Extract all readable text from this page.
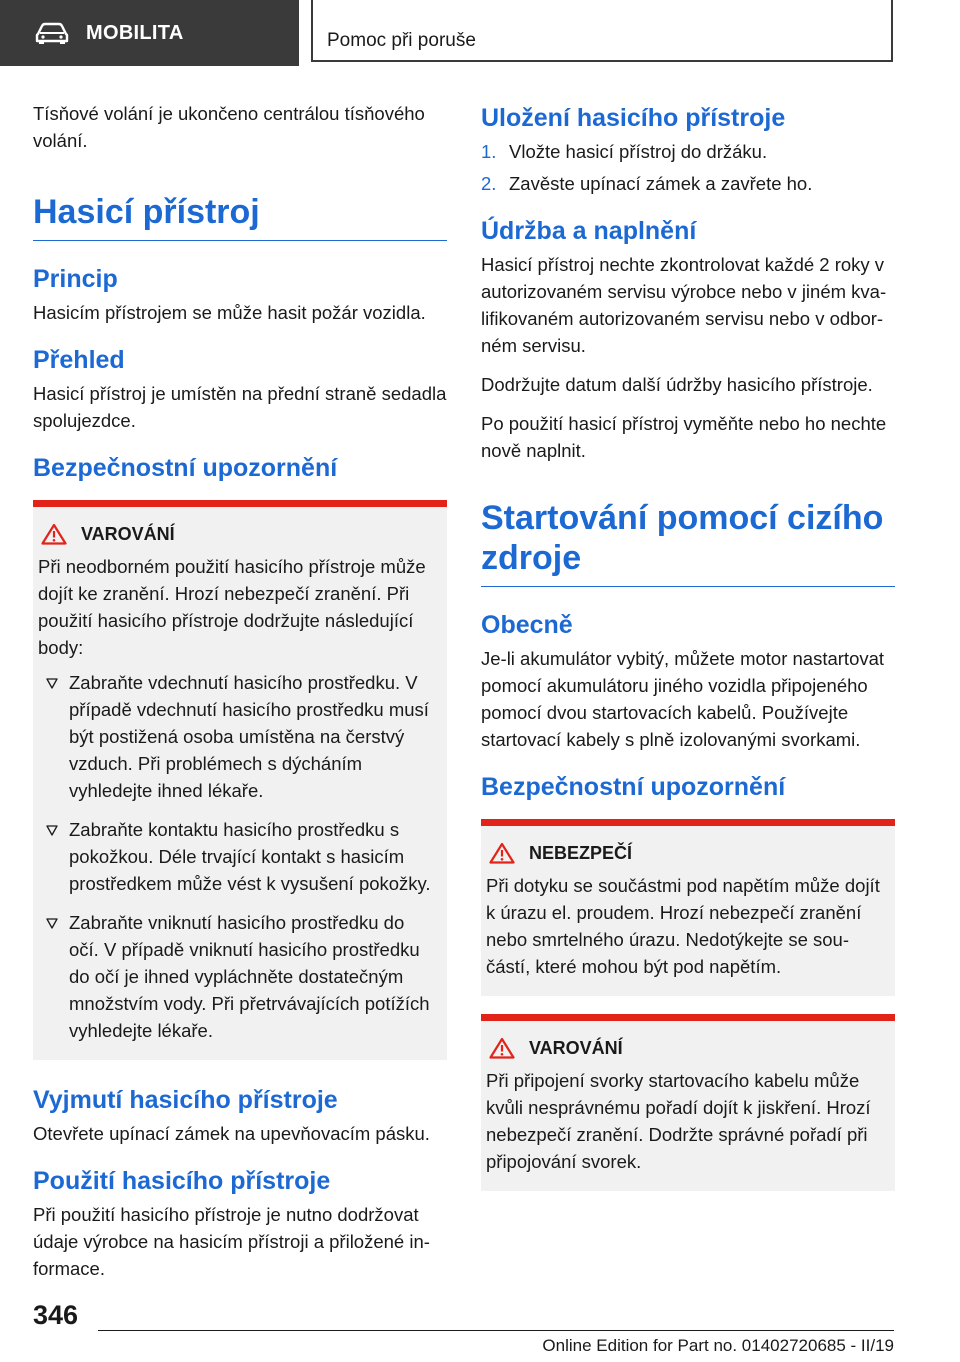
MOBILITA	Pomoc při poruše

Tísňové volání je ukončeno centrálou tísňového volání.

Hasicí přístroj
Princip

Hasicím přístrojem se může hasit požár vozidla.

Přehled

Hasicí přístroj je umístěn na přední straně sedadla spolujezdce.

Bezpečnostní upozornění
VAROVÁNÍ

Při neodborném použití hasicího přístroje může dojít ke zranění. Hrozí nebezpečí zranění. Při použití hasicího přístroje dodržujte následující body:

Zabraňte vdechnutí hasicího prostředku. V případě vdechnutí hasicího prostředku musí být postižená osoba umístěna na čerstvý vzduch. Při problémech s dýcháním vyhledejte ihned lékaře.
Zabraňte kontaktu hasicího prostředku s pokožkou. Déle trvající kontakt s hasicím prostředkem může vést k vysušení pokožky.
Zabraňte vniknutí hasicího prostředku do očí. V případě vniknutí hasicího prostředku do očí je ihned vypláchněte dostatečným množstvím vody. Při přetrvávajících potížích vyhledejte lékaře.
Vyjmutí hasicího přístroje

Otevřete upínací zámek na upevňovacím pásku.

Použití hasicího přístroje

Při použití hasicího přístroje je nutno dodržovat údaje výrobce na hasicím přístroji a přiložené informace.

Uložení hasicího přístroje
1. Vložte hasicí přístroj do držáku.
2. Zavěste upínací zámek a zavřete ho.
Údržba a naplnění

Hasicí přístroj nechte zkontrolovat každé 2 roky v autorizovaném servisu výrobce nebo v jiném kvalifikovaném autorizovaném servisu nebo v odborném servisu.

Dodržujte datum další údržby hasicího přístroje.

Po použití hasicí přístroj vyměňte nebo ho nechte nově naplnit.

Startování pomocí cizího zdroje
Obecně

Je-li akumulátor vybitý, můžete motor nastartovat pomocí akumulátoru jiného vozidla připojeného pomocí dvou startovacích kabelů. Používejte startovací kabely s plně izolovanými svorkami.

Bezpečnostní upozornění
NEBEZPEČÍ

Při dotyku se součástmi pod napětím může dojít k úrazu el. proudem. Hrozí nebezpečí zranění nebo smrtelného úrazu. Nedotýkejte se součástí, které mohou být pod napětím.

VAROVÁNÍ

Při připojení svorky startovacího kabelu může kvůli nesprávnému pořadí dojít k jiskření. Hrozí nebezpečí zranění. Dodržte správné pořadí při připojování svorek.

346
Online Edition for Part no. 01402720685 - II/19
